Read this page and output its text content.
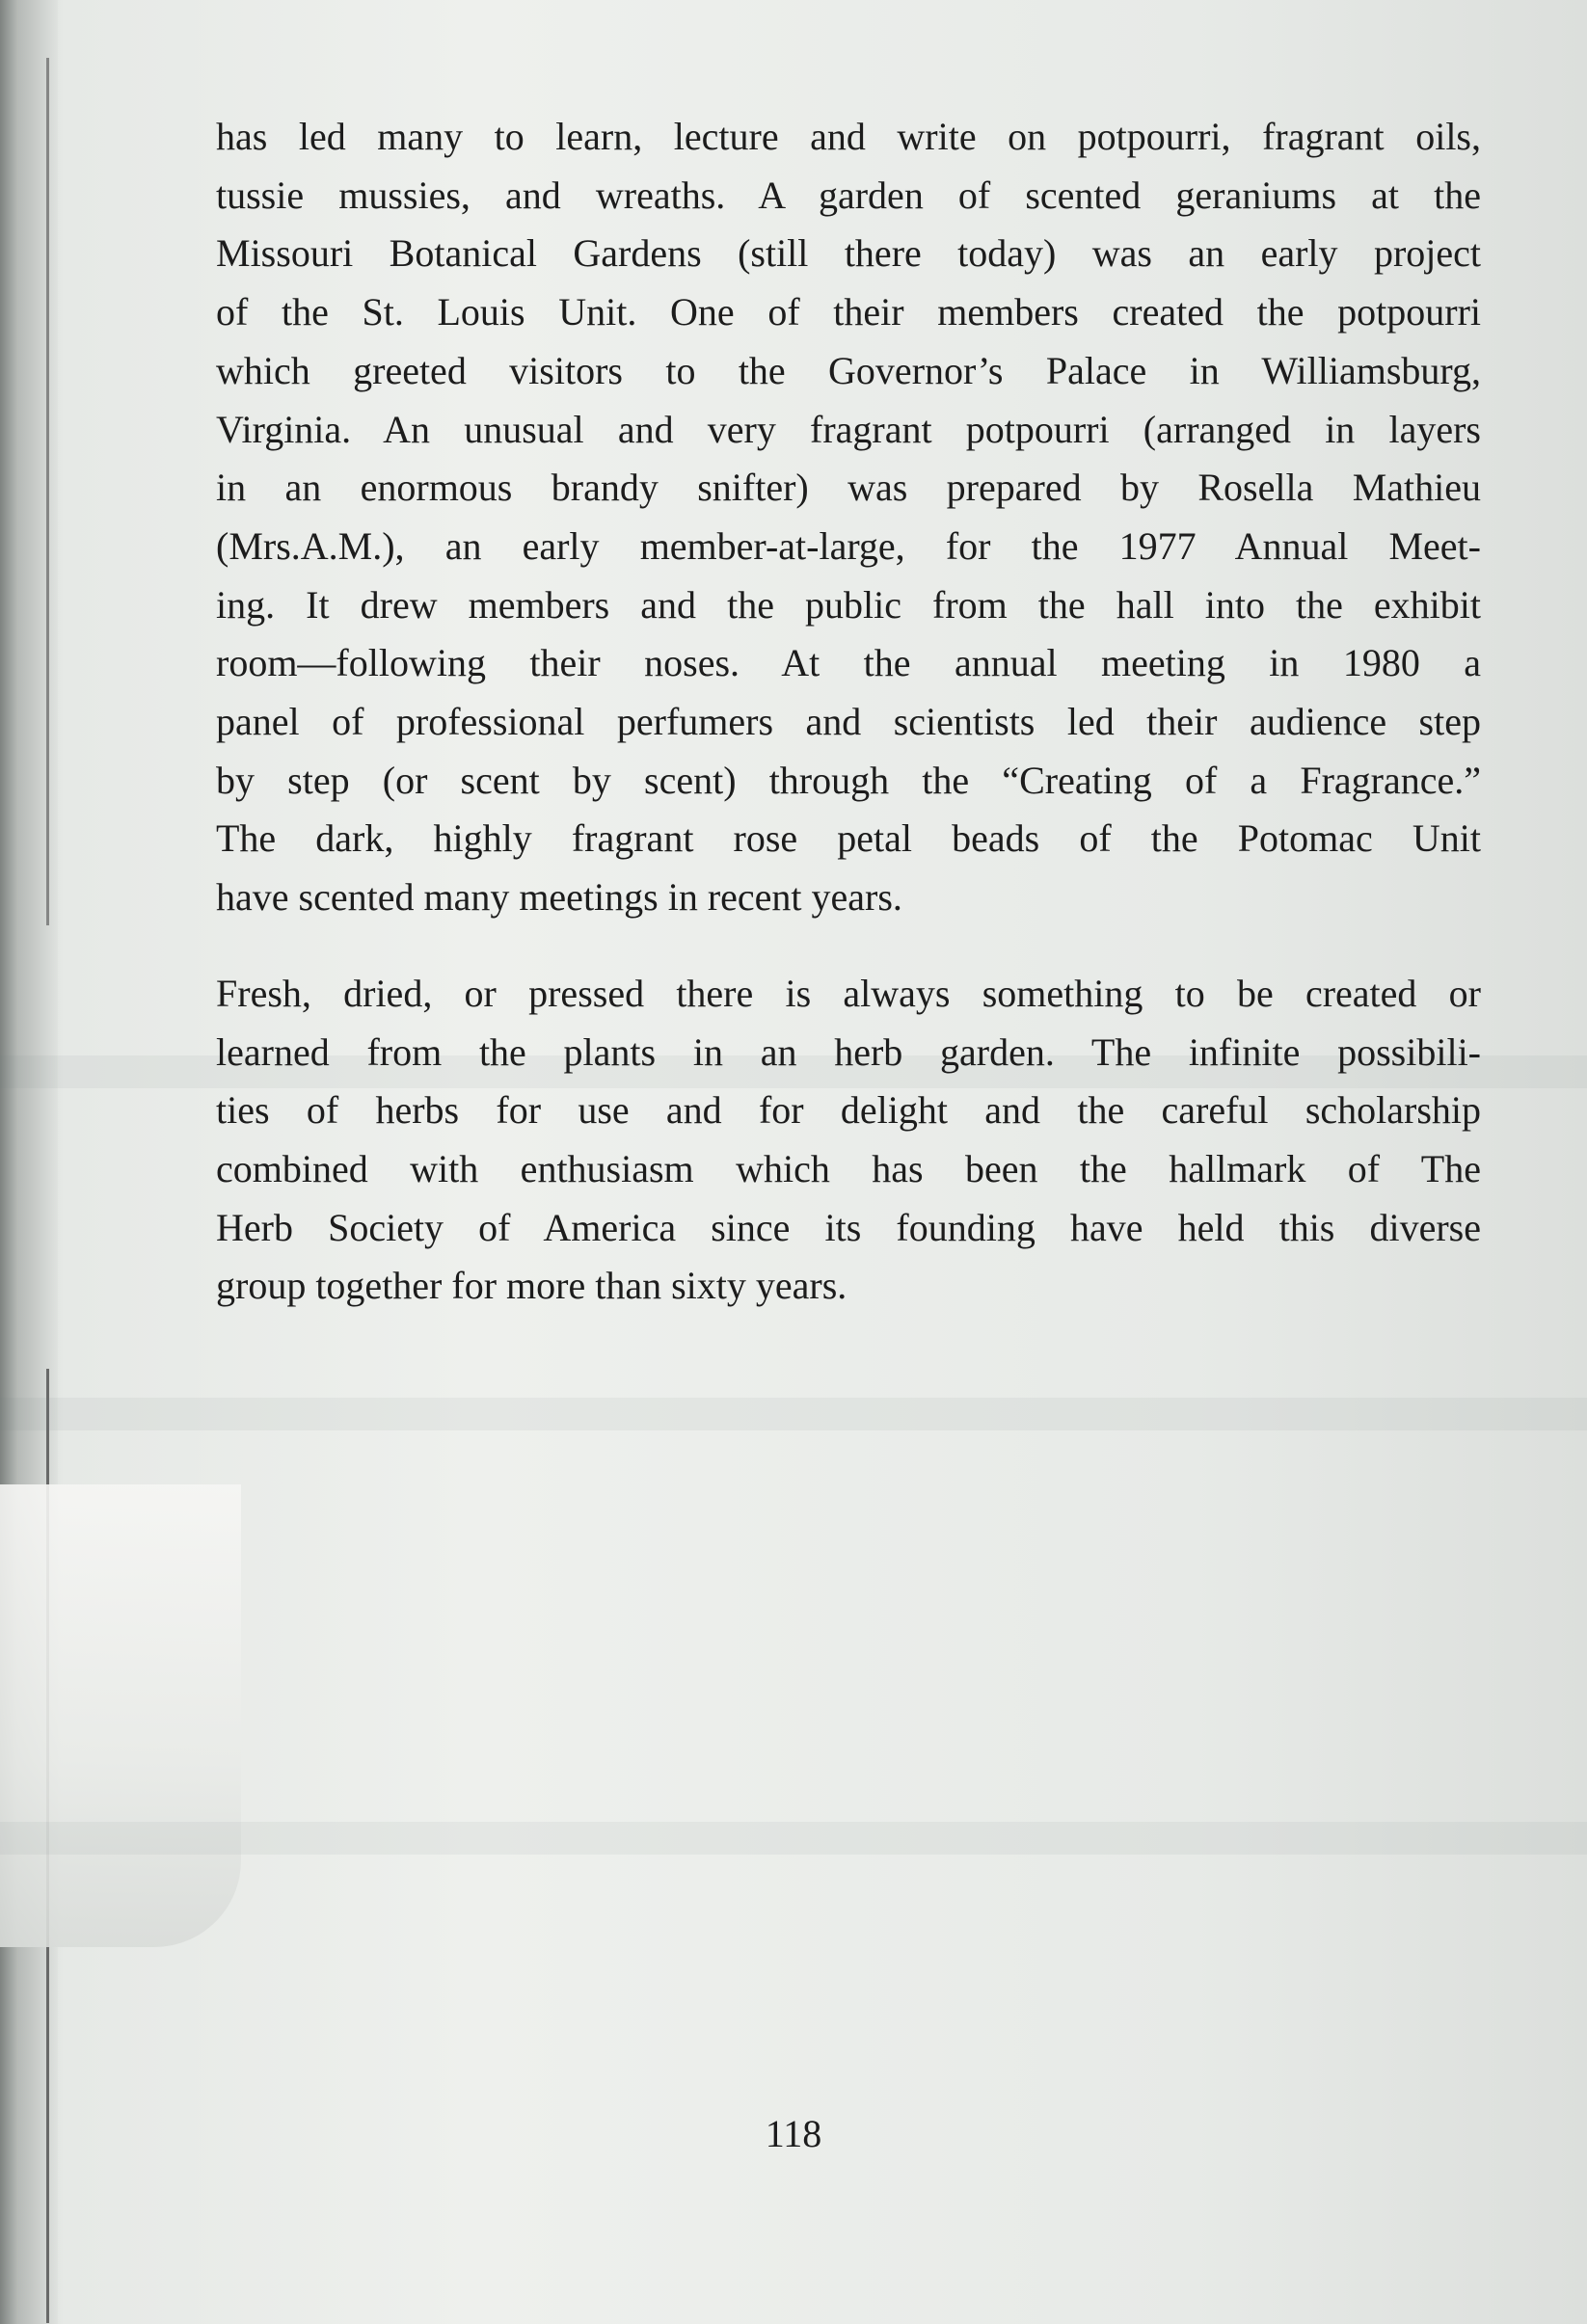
has led many to learn, lecture and write on potpourri, fragrant oils,
tussie mussies, and wreaths. A garden of scented geraniums at the
Missouri Botanical Gardens (still there today) was an early project
of the St. Louis Unit. One of their members created the potpourri
which greeted visitors to the Governor’s Palace in Williamsburg,
Virginia. An unusual and very fragrant potpourri (arranged in layers
in an enormous brandy snifter) was prepared by Rosella Mathieu
(Mrs.A.M.), an early member-at-large, for the 1977 Annual Meet-
ing. It drew members and the public from the hall into the exhibit
room—following their noses. At the annual meeting in 1980 a
panel of professional perfumers and scientists led their audience step
by step (or scent by scent) through the “Creating of a Fragrance.”
The dark, highly fragrant rose petal beads of the Potomac Unit
have scented many meetings in recent years.

Fresh, dried, or pressed there is always something to be created or
learned from the plants in an herb garden. The infinite possibili-
ties of herbs for use and for delight and the careful scholarship
combined with enthusiasm which has been the hallmark of The
Herb Society of America since its founding have held this diverse
group together for more than sixty years.

118
